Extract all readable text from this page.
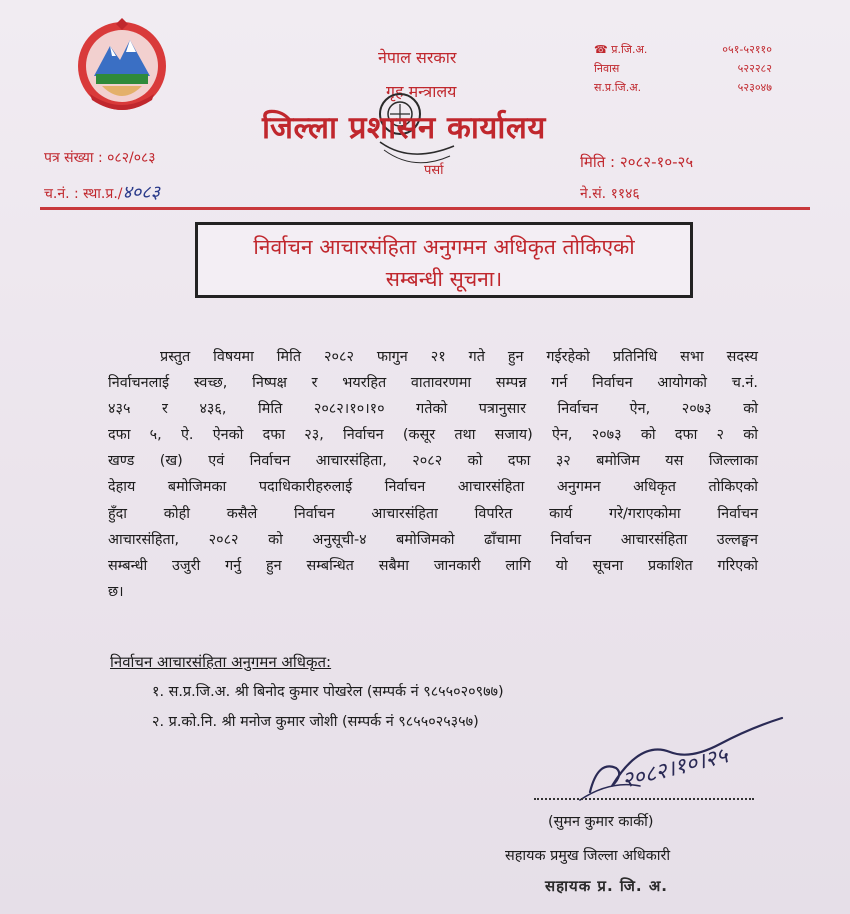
नेपाल सरकार
गृह मन्त्रालय
जिल्ला प्रशासन कार्यालय
पर्सा
☎ प्र.जि.अ.	०५१-५२११०
निवास	५२२२८२
स.प्र.जि.अ.	५२३०४७
पत्र संख्या : ०८२/०८३
च.नं. : स्था.प्र./४०८३
मिति : २०८२-१०-२५
ने.सं. ११४६
निर्वाचन आचारसंहिता अनुगमन अधिकृत तोकिएको
सम्बन्धी सूचना।
प्रस्तुत विषयमा मिति २०८२ फागुन २१ गते हुन गईरहेको प्रतिनिधि सभा सदस्य
निर्वाचनलाई स्वच्छ, निष्पक्ष र भयरहित वातावरणमा सम्पन्न गर्न निर्वाचन आयोगको च.नं.
४३५ र ४३६, मिति २०८२।१०।१० गतेको पत्रानुसार निर्वाचन ऐन, २०७३ को
दफा ५, ऐ. ऐनको दफा २३, निर्वाचन (कसूर तथा सजाय) ऐन, २०७३ को दफा २ को
खण्ड (ख) एवं निर्वाचन आचारसंहिता, २०८२ को दफा ३२ बमोजिम यस जिल्लाका
देहाय बमोजिमका पदाधिकारीहरुलाई निर्वाचन आचारसंहिता अनुगमन अधिकृत तोकिएको
हुँदा कोही कसैले निर्वाचन आचारसंहिता विपरित कार्य गरे/गराएकोमा निर्वाचन
आचारसंहिता, २०८२ को अनुसूची-४ बमोजिमको ढाँचामा निर्वाचन आचारसंहिता उल्लङ्घन
सम्बन्धी उजुरी गर्नु हुन सम्बन्धित सबैमा जानकारी लागि यो सूचना प्रकाशित गरिएको
छ।
निर्वाचन आचारसंहिता अनुगमन अधिकृत:
१. स.प्र.जि.अ. श्री बिनोद कुमार पोखरेल (सम्पर्क नं ९८५५०२०९७७)
२. प्र.को.नि. श्री मनोज कुमार जोशी (सम्पर्क नं ९८५५०२५३५७)
२०८२।१०।२५
(सुमन कुमार कार्की)
सहायक प्रमुख जिल्ला अधिकारी
सहायक प्र. जि. अ.
